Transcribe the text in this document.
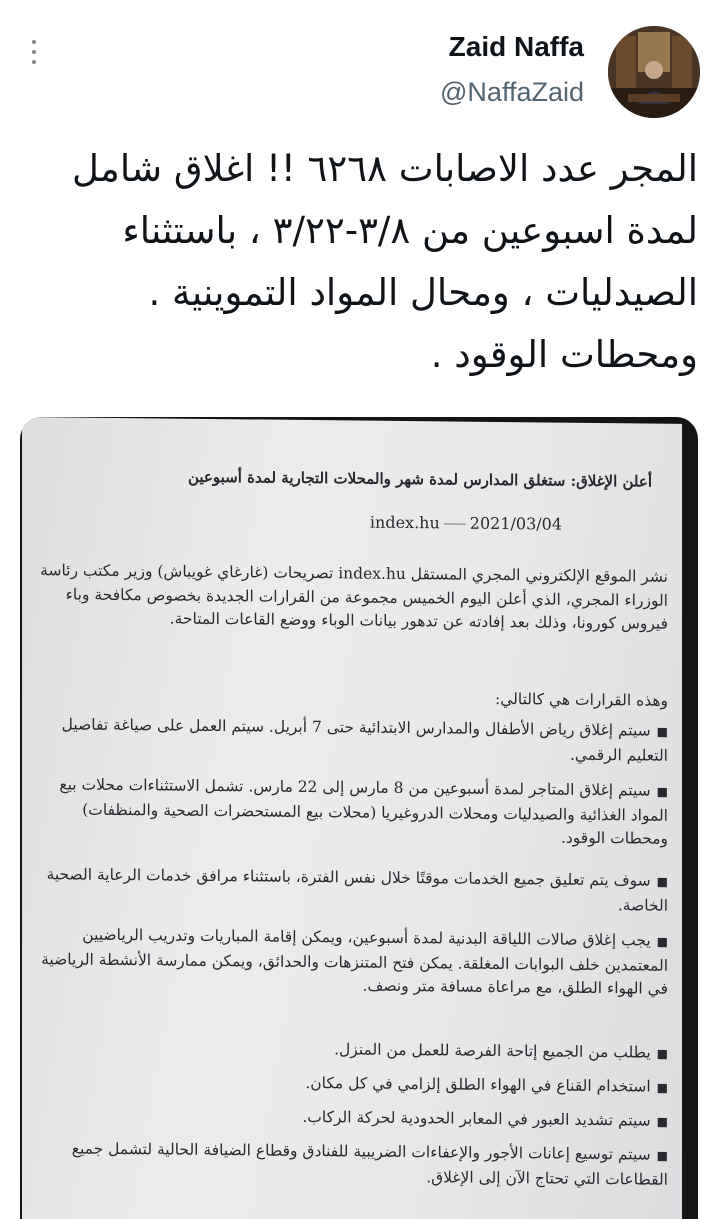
Zaid Naffa
@NaffaZaid
المجر عدد الاصابات ٦٢٦٨ !! اغلاق شامل
لمدة اسبوعين من ٣/٨-٣/٢٢ ، باستثناء
الصيدليات ، ومحال المواد التموينية .
ومحطات الوقود .
أعلن الإغلاق: ستغلق المدارس لمدة شهر والمحلات التجارية لمدة أسبوعين
index.hu 2021/03/04
نشر الموقع الإلكتروني المجري المستقل index.hu تصريحات (غارغاي غويباش) وزير مكتب رئاسة الوزراء المجري، الذي أعلن اليوم الخميس مجموعة من القرارات الجديدة بخصوص مكافحة وباء فيروس كورونا، وذلك بعد إفادته عن تدهور بيانات الوباء ووضع القاعات المتاحة.
وهذه القرارات هي كالتالي:
■ سيتم إغلاق رياض الأطفال والمدارس الابتدائية حتى 7 أبريل. سيتم العمل على صياغة تفاصيل التعليم الرقمي.
■ سيتم إغلاق المتاجر لمدة أسبوعين من 8 مارس إلى 22 مارس. تشمل الاستثناءات محلات بيع المواد الغذائية والصيدليات ومحلات الدروغيريا (محلات بيع المستحضرات الصحية والمنظفات) ومحطات الوقود.
■ سوف يتم تعليق جميع الخدمات موقتًا خلال نفس الفترة، باستثناء مرافق خدمات الرعاية الصحية الخاصة.
■ يجب إغلاق صالات اللياقة البدنية لمدة أسبوعين، ويمكن إقامة المباريات وتدريب الرياضيين المعتمدين خلف البوابات المغلقة. يمكن فتح المتنزهات والحدائق، ويمكن ممارسة الأنشطة الرياضية في الهواء الطلق، مع مراعاة مسافة متر ونصف.
■ يطلب من الجميع إتاحة الفرصة للعمل من المنزل.
■ استخدام القناع في الهواء الطلق إلزامي في كل مكان.
■ سيتم تشديد العبور في المعابر الحدودية لحركة الركاب.
■ سيتم توسيع إعانات الأجور والإعفاءات الضريبية للفنادق وقطاع الضيافة الحالية لتشمل جميع القطاعات التي تحتاج الآن إلى الإغلاق.
